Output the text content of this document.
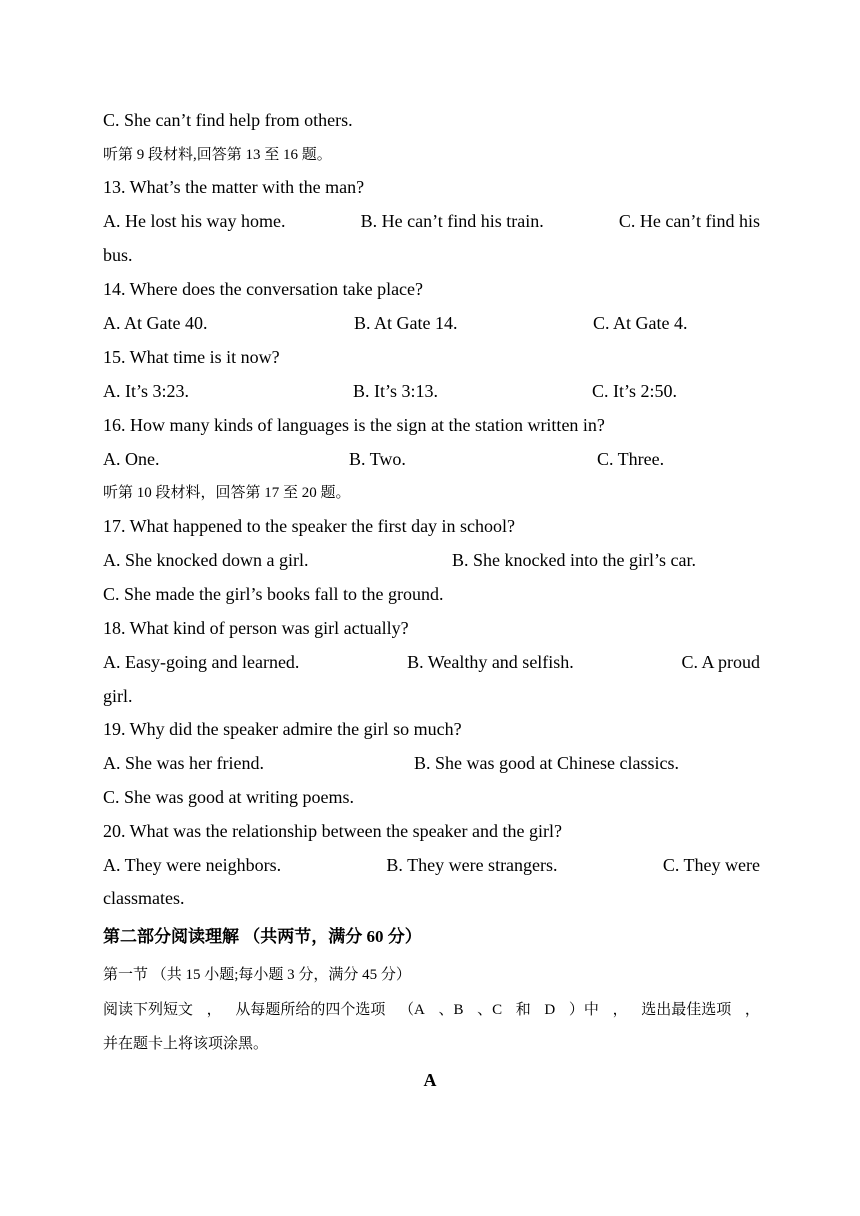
C. She can’t find help from others.
听第 9 段材料,回答第 13 至 16 题。
13. What’s the matter with the man?
A. He lost his way home.	B. He can’t find his train.	C. He can’t find his
bus.
14. Where does the conversation take place?
A. At Gate 40.	B. At Gate 14.	C. At Gate 4.
15. What time is it now?
A. It’s 3:23.	B. It’s 3:13.	C. It’s 2:50.
16. How many kinds of languages is the sign at the station written in?
A. One.	B. Two.	C. Three.
听第 10 段材料，回答第 17 至 20 题。
17. What happened to the speaker the first day in school?
A. She knocked down a girl.	B. She knocked into the girl’s car.
C. She made the girl’s books fall to the ground.
18. What kind of person was girl actually?
A. Easy-going and learned.	B. Wealthy and selfish.	C. A proud
girl.
19. Why did the speaker admire the girl so much?
A. She was her friend.	B. She was good at Chinese classics.
C. She was good at writing poems.
20. What was the relationship between the speaker and the girl?
A. They were neighbors.	B. They were strangers.	C. They were
classmates.
第二部分阅读理解 （共两节，满分 60 分）
第一节 （共 15 小题;每小题 3 分，满分 45 分）
阅读下列短文 ， 从每题所给的四个选项 （A 、B 、C 和 D ）中 ， 选出最佳选项 ，
并在题卡上将该项涂黑。
A
